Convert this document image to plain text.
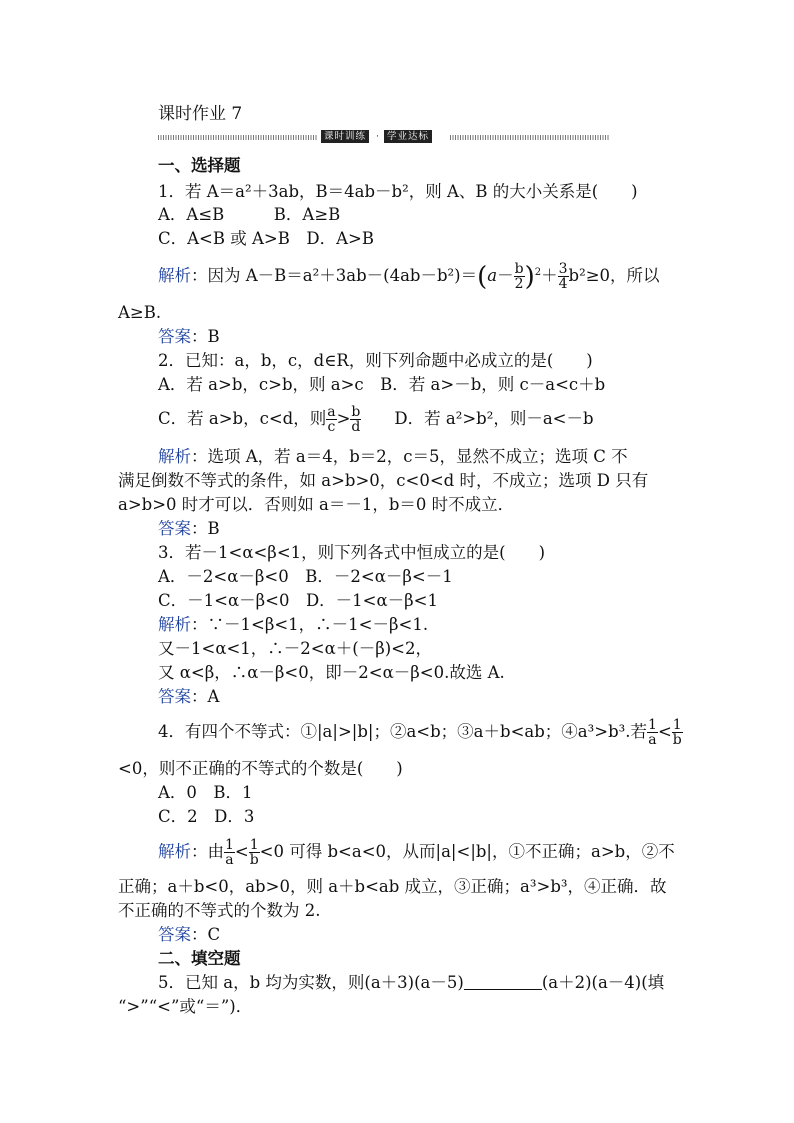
课时作业 7
课时训练	· 学业达标
一、选择题
1．若 A＝a²＋3ab，B＝4ab－b²，则 A、B 的大小关系是(　　)
A．A≤B　　　B．A≥B
C．A<B 或 A>B　D．A>B
解析：因为 $A-B=a^2+3ab-(4ab-b^2)=(a- \frac{b}{2} )^2+ \frac{3}{4} b^2\ge 0$，所以
A≥B.
答案：B
2．已知：a，b，c，d∈R，则下列命题中必成立的是(　　)
A．若 a>b，c>b，则 a>c　B．若 a>－b，则 c－a<c＋b
C．若 a>b，c<d，则 $\frac{a}{c} > \frac{b}{d}$ 　　D．若 a²>b²，则－a<－b
解析：选项 A，若 a＝4，b＝2，c＝5，显然不成立；选项 C 不
满足倒数不等式的条件，如 a>b>0，c<0<d 时，不成立；选项 D 只有
a>b>0 时才可以．否则如 a＝－1，b＝0 时不成立．
答案：B
3．若－1<α<β<1，则下列各式中恒成立的是(　　)
A．－2<α－β<0　B．－2<α－β<－1
C．－1<α－β<0　D．－1<α－β<1
解析：∵－1<β<1，∴－1<－β<1.
又－1<α<1，∴－2<α＋(－β)<2，
又 α<β，∴α－β<0，即－2<α－β<0.故选 A.
答案：A
4．有四个不等式：①|a|>|b|；②a<b；③a＋b<ab；④a³>b³.若 $\frac{1}{a} < \frac{1}{b}$
<0，则不正确的不等式的个数是(　　)
A．0　B．1
C．2　D．3
解析：由 $\frac{1}{a} < \frac{1}{b} <0$ 可得 b<a<0，从而|a|<|b|，①不正确；a>b，②不
正确；a＋b<0，ab>0，则 a＋b<ab 成立，③正确；a³>b³，④正确．故
不正确的不等式的个数为 2.
答案：C
二、填空题
5．已知 a，b 均为实数，则(a＋3)(a－5)	(a＋2)(a－4)(填
“>”“<”或“＝”)．
